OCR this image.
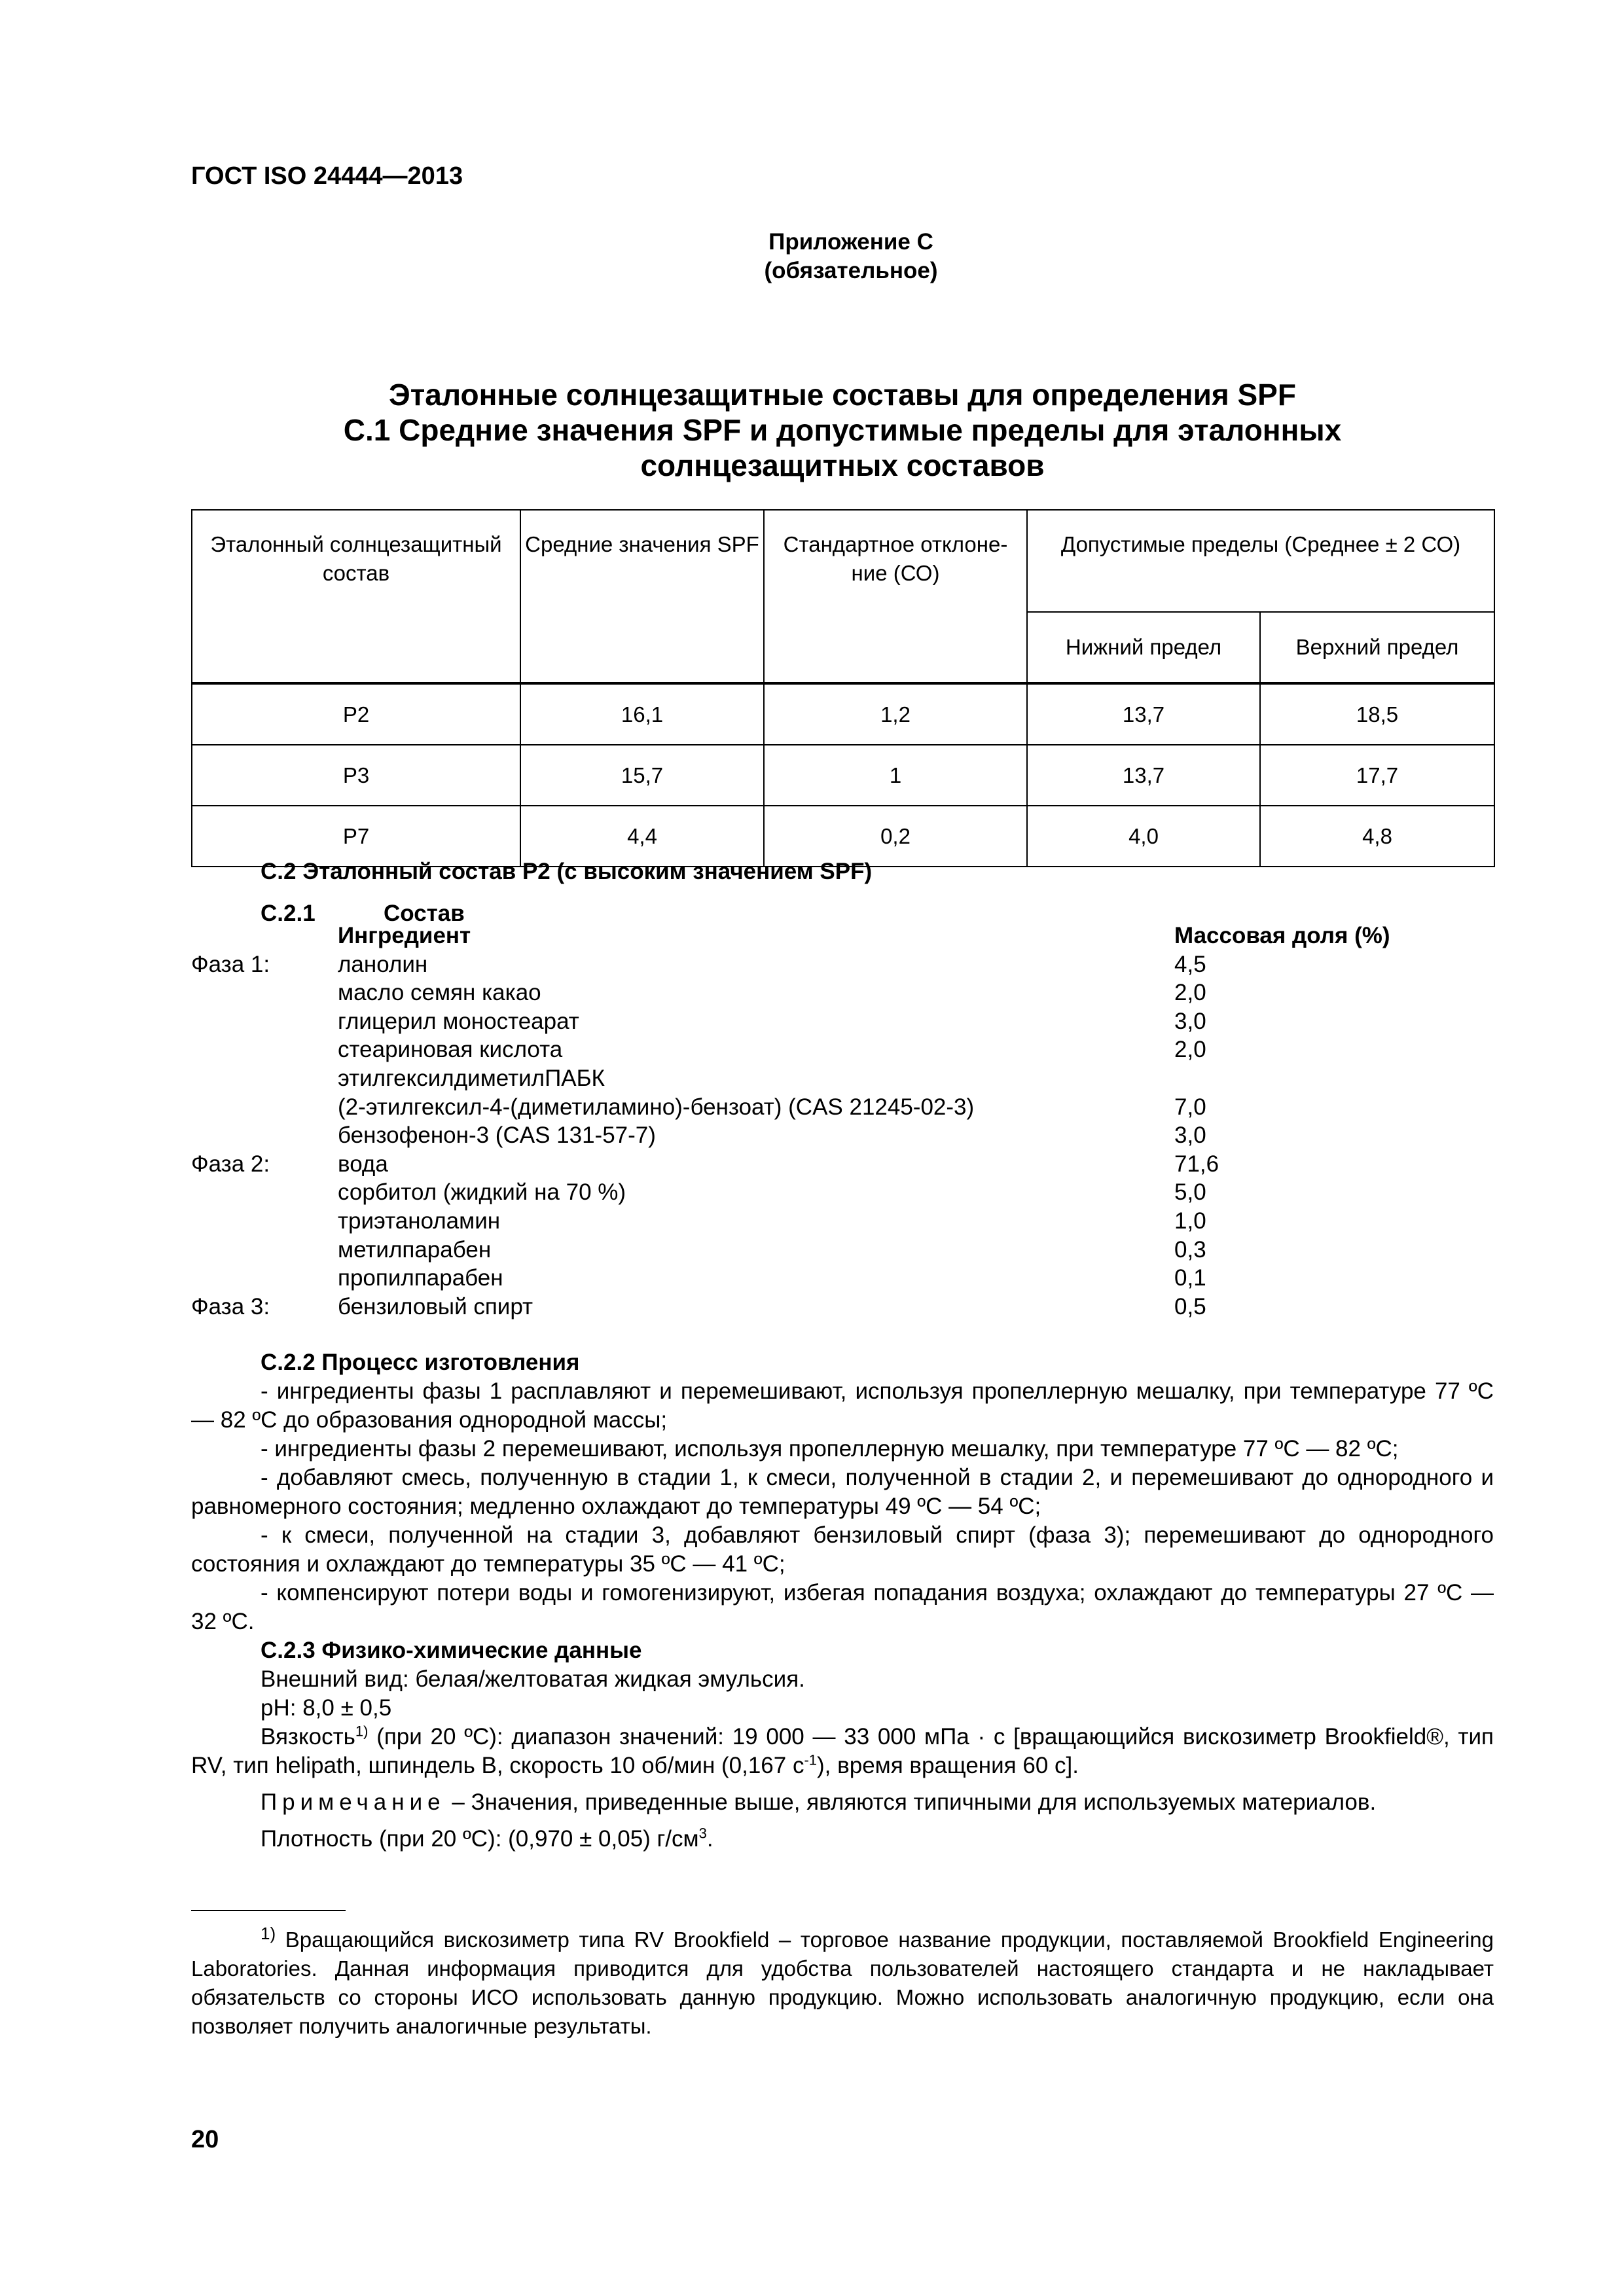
ГОСТ ISO 24444—2013
Приложение С
(обязательное)
Эталонные солнцезащитные составы для определения SPF
C.1 Средние значения SPF и допустимые пределы для эталонных
солнцезащитных составов
Эталонный солнцезащитный состав	Средние значения SPF	Стандартное отклоне-ние (СО)	Допустимые пределы (Среднее ± 2 СО)	
			Нижний предел	Верхний предел
P2	16,1	1,2	13,7	18,5
P3	15,7	1	13,7	17,7
P7	4,4	0,2	4,0	4,8
С.2 Эталонный состав P2 (с высоким значением SPF)
С.2.1	Состав
Ингредиент	Массовая доля (%)
Фаза 1:	ланолин	4,5
масло семян какао	2,0
глицерил моностеарат	3,0
стеариновая кислота	2,0
этилгексилдиметилПАБК
(2-этилгексил-4-(диметиламино)-бензоат) (CAS 21245-02-3)	7,0
бензофенон-3 (CAS 131-57-7)	3,0
Фаза 2:	вода	71,6
сорбитол (жидкий на 70 %)	5,0
триэтаноламин	1,0
метилпарабен	0,3
пропилпарабен	0,1
Фаза 3:	бензиловый спирт	0,5

С.2.2 Процесс изготовления

- ингредиенты фазы 1 расплавляют и перемешивают, используя пропеллерную мешалку, при температуре 77 ºC — 82 ºC до образования однородной массы;

- ингредиенты фазы 2 перемешивают, используя пропеллерную мешалку, при температуре 77 ºC — 82 ºC;

- добавляют смесь, полученную в стадии 1, к смеси, полученной в стадии 2, и перемешивают до однородного и равномерного состояния; медленно охлаждают до температуры 49 ºC — 54 ºC;

- к смеси, полученной на стадии 3, добавляют бензиловый спирт (фаза 3); перемешивают до однородного состояния и охлаждают до температуры 35 ºC — 41 ºC;

- компенсируют потери воды и гомогенизируют, избегая попадания воздуха; охлаждают до температуры 27 ºC — 32 ºC.

С.2.3 Физико-химические данные

Внешний вид: белая/желтоватая жидкая эмульсия.

pH: 8,0 ± 0,5

Вязкость$^{1)}$ (при 20 ºC): диапазон значений: 19 000 — 33 000 мПа · с [вращающийся вискозиметр Brookfield®, тип RV, тип helipath, шпиндель B, скорость 10 об/мин (0,167 $с^{-1}$), время вращения 60 с].

Примечание – Значения, приведенные выше, являются типичными для используемых материалов.

Плотность (при 20 ºC): (0,970 ± 0,05) $г/см^3$.

$^{1)}$ Вращающийся вискозиметр типа RV Brookfield – торговое название продукции, поставляемой Brookfield Engineering Laboratories. Данная информация приводится для удобства пользователей настоящего стандарта и не накладывает обязательств со стороны ИСО использовать данную продукцию. Можно использовать аналогичную продукцию, если она позволяет получить аналогичные результаты.

20
